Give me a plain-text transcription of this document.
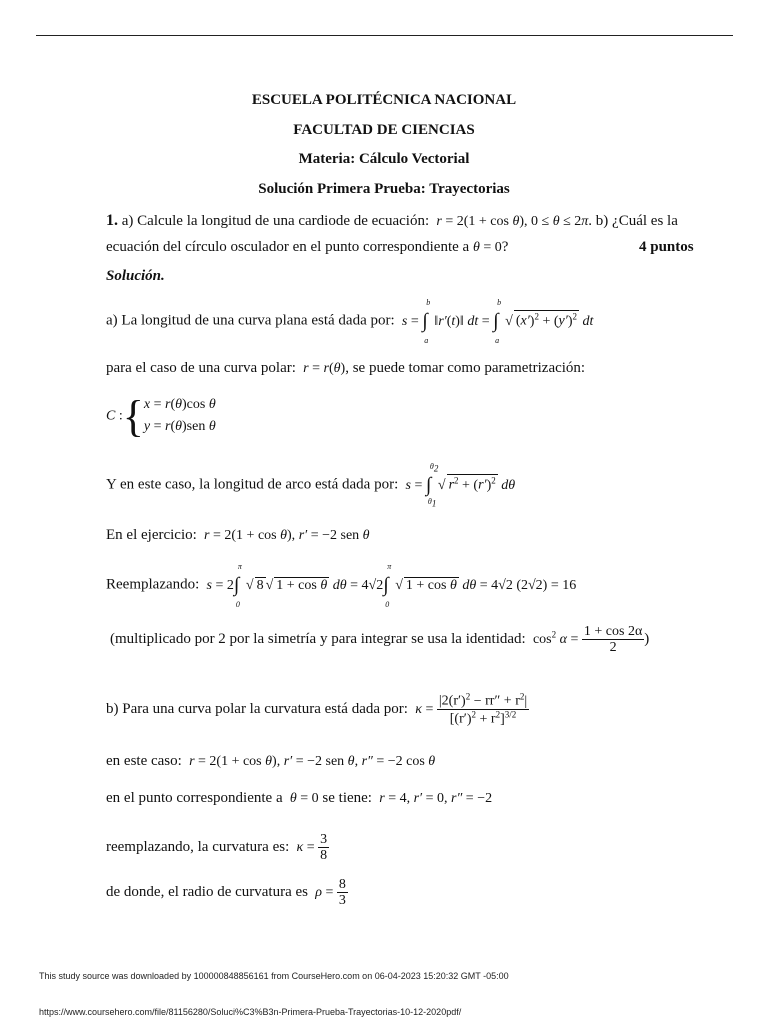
ESCUELA POLITÉCNICA NACIONAL
FACULTAD DE CIENCIAS
Materia: Cálculo Vectorial
Solución Primera Prueba: Trayectorias
1. a) Calcule la longitud de una cardiode de ecuación:  r = 2(1 + cos θ), 0 ≤ θ ≤ 2π. b) ¿Cuál es la
ecuación del círculo osculador en el punto correspondiente a θ = 0?	4 puntos
Solución.
a) La longitud de una curva plana está dada por:  s =
b
∫
a
‖r′(t)‖ dt =
b
∫
a
√ $(x')^2 + (y')^2$ dt
para el caso de una curva polar:  r = r(θ), se puede tomar como parametrización:
C :{ x = r(θ)cos θ
y = r(θ)sen θ
Y en este caso, la longitud de arco está dada por:  s =
$\theta_2$
∫
$\theta_1$
√ $r^2 + (r')^2$ dθ
En el ejercicio:  r = 2(1 + cos θ), r′ = −2 sen θ
Reemplazando:  s = 2
π
∫
0
√ 8 √ 1 + cos θ dθ = 4√2
π
∫
0
√ 1 + cos θ dθ = 4√2 (2√2) = 16
(multiplicado por 2 por la simetría y para integrar se usa la identidad: $\cos^2 \alpha = \frac{1 + \cos 2\alpha}{2}$ )
b) Para una curva polar la curvatura está dada por:  $\kappa = \frac{|2(r')^2 - rr'' + r^2|}{[(r')^2 + r^2]^{3/2}}$
en este caso:  r = 2(1 + cos θ), r′ = −2 sen θ, r″ = −2 cos θ
en el punto correspondiente a  θ = 0 se tiene:  r = 4, r′ = 0, r″ = −2
reemplazando, la curvatura es:  $\kappa = \frac{3}{8}$
de donde, el radio de curvatura es  $\rho = \frac{8}{3}$
This study source was downloaded by 100000848856161 from CourseHero.com on 06-04-2023 15:20:32 GMT -05:00
https://www.coursehero.com/file/81156280/Soluci%C3%B3n-Primera-Prueba-Trayectorias-10-12-2020pdf/
